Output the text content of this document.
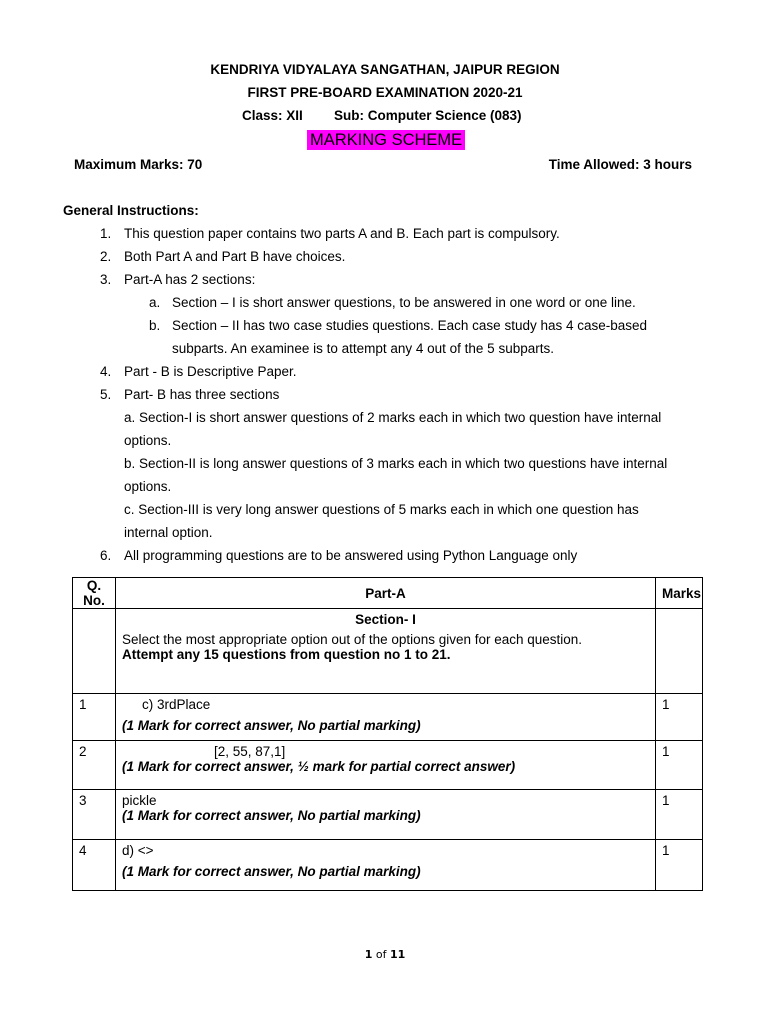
KENDRIYA VIDYALAYA SANGATHAN, JAIPUR REGION
FIRST PRE-BOARD EXAMINATION 2020-21
Class: XII Sub: Computer Science (083)
MARKING SCHEME
Maximum Marks: 70	Time Allowed: 3 hours
General Instructions:
1. This question paper contains two parts A and B. Each part is compulsory.
2. Both Part A and Part B have choices.
3. Part-A has 2 sections:
a. Section – I is short answer questions, to be answered in one word or one line.
b. Section – II has two case studies questions. Each case study has 4 case-based
subparts. An examinee is to attempt any 4 out of the 5 subparts.
4. Part - B is Descriptive Paper.
5. Part- B has three sections
a. Section-I is short answer questions of 2 marks each in which two question have internal
options.
b. Section-II is long answer questions of 3 marks each in which two questions have internal
options.
c. Section-III is very long answer questions of 5 marks each in which one question has
internal option.
6. All programming questions are to be answered using Python Language only
Q. No.	Part-A	Marks

	Section- I
Select the most appropriate option out of the options given for each question.
Attempt any 15 questions from question no 1 to 21.	

1	c) 3rdPlace
(1 Mark for correct answer, No partial marking)	1
2	[2, 55, 87,1]
(1 Mark for correct answer, ½ mark for partial correct answer)	1
3	pickle
(1 Mark for correct answer, No partial marking)	1
4	d) <>
(1 Mark for correct answer, No partial marking)	1
1 of 11
